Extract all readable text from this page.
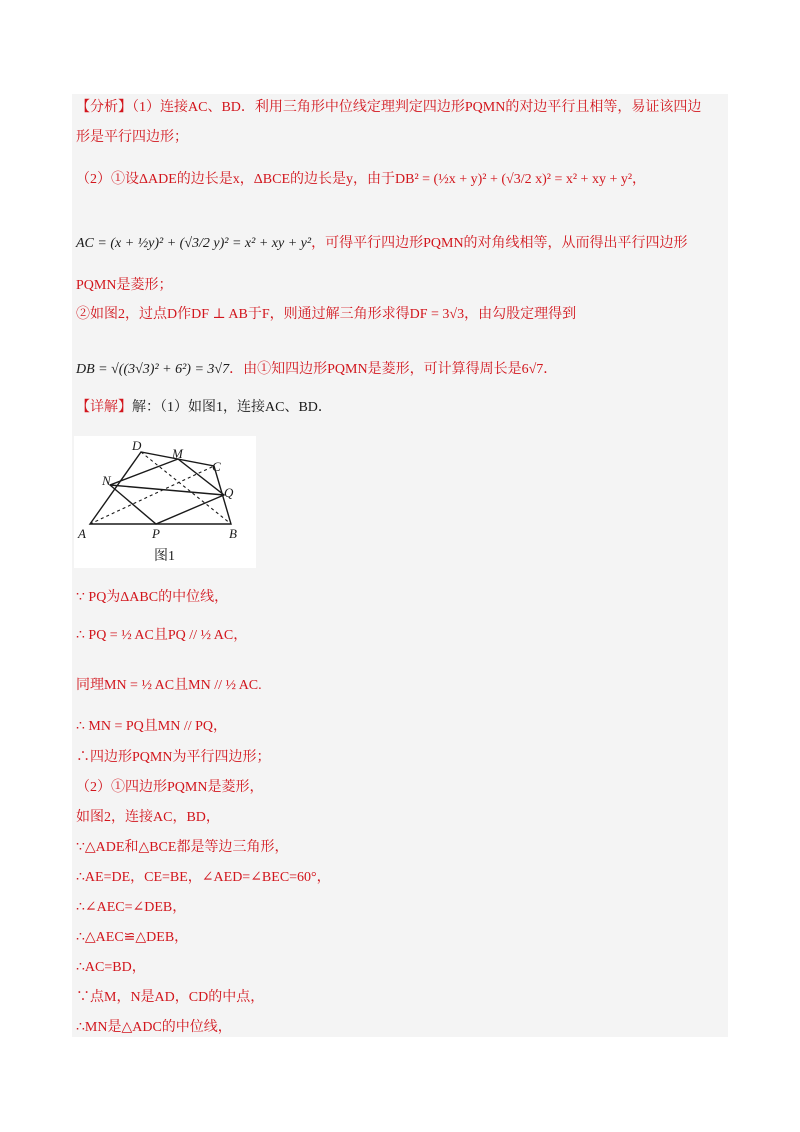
【分析】（1）连接AC、BD．利用三角形中位线定理判定四边形PQMN的对边平行且相等，易证该四边
形是平行四边形；
（2）①设ΔADE的边长是x，ΔBCE的边长是y，由于DB² = (½x + y)² + (√3/2 x)² = x² + xy + y²，
AC = (x + ½y)² + (√3/2 y)² = x² + xy + y²，可得平行四边形PQMN的对角线相等，从而得出平行四边形
PQMN是菱形；
②如图2，过点D作DF ⊥ AB于F，则通过解三角形求得DF = 3√3，由勾股定理得到
DB = √((3√3)² + 6²) = 3√7．由①知四边形PQMN是菱形，可计算得周长是6√7．
【详解】解：（1）如图1，连接AC、BD．
D
M
C
N
Q
A	P	B
图1
∵ PQ为ΔABC的中位线，
∴ PQ = ½ AC且PQ // ½ AC，
同理MN = ½ AC且MN // ½ AC.
∴ MN = PQ且MN // PQ，
∴四边形PQMN为平行四边形；
（2）①四边形PQMN是菱形，
如图2，连接AC，BD，
∵△ADE和△BCE都是等边三角形，
∴AE=DE，CE=BE，∠AED=∠BEC=60°，
∴∠AEC=∠DEB，
∴△AEC≌△DEB，
∴AC=BD，
∵点M，N是AD，CD的中点，
∴MN是△ADC的中位线，
